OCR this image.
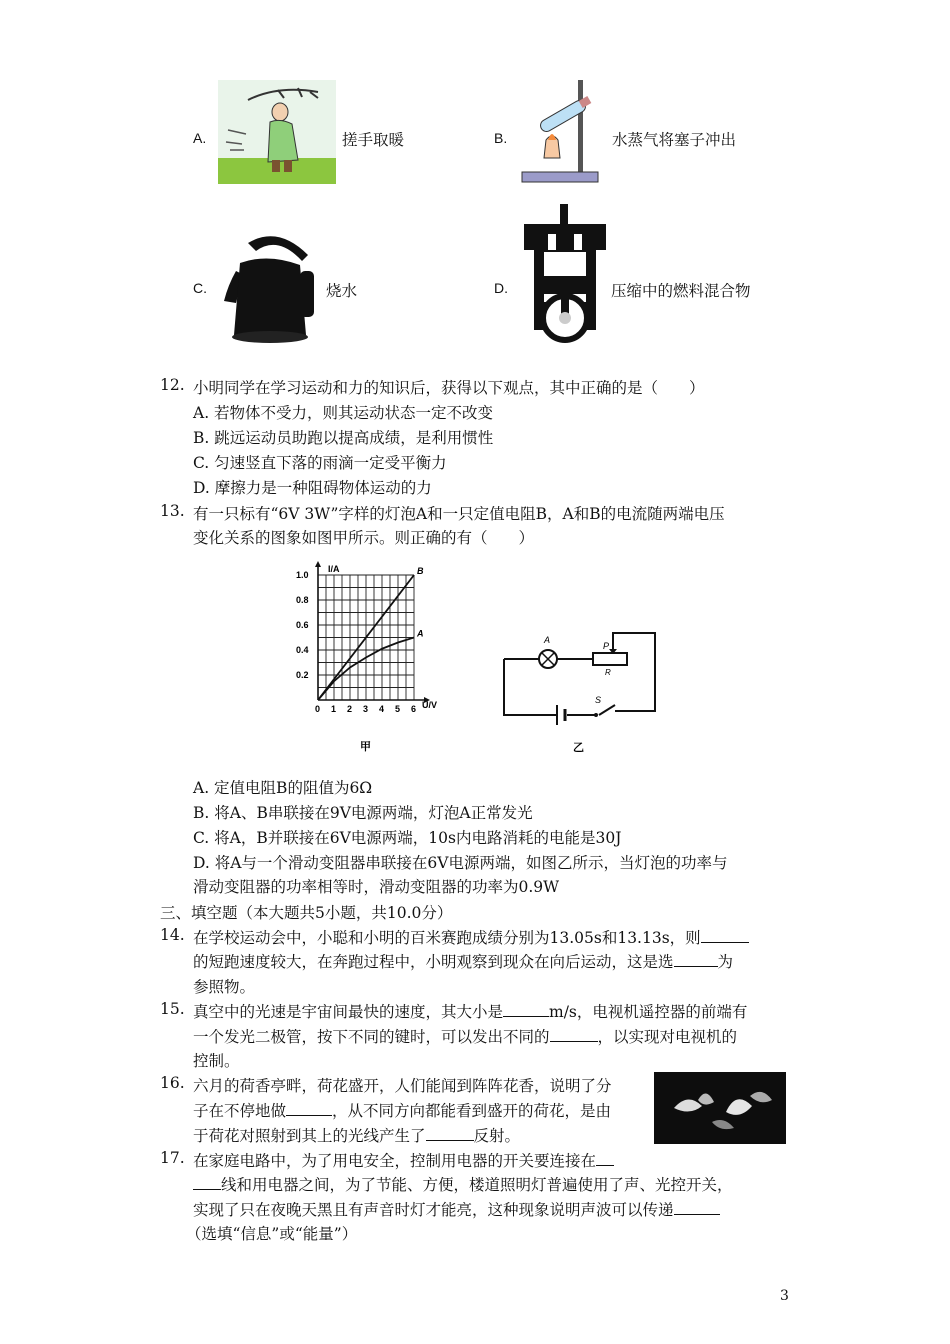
A.	搓手取暖	B.	水蒸气将塞子冲出
C.	烧水	D.	压缩中的燃料混合物
12. 小明同学在学习运动和力的知识后，获得以下观点，其中正确的是（　　）
A. 若物体不受力，则其运动状态一定不改变
B. 跳远运动员助跑以提高成绩，是利用惯性
C. 匀速竖直下落的雨滴一定受平衡力
D. 摩擦力是一种阻碍物体运动的力
13. 有一只标有“6V 3W”字样的灯泡A和一只定值电阻B，A和B的电流随两端电压
变化关系的图象如图甲所示。则正确的有（　　）
0 1 2 3 4 5 6
0.2
0.4
0.6
0.8
1.0	B
A
I/A
U/V
甲
A
P
R
S
乙
A. 定值电阻B的阻值为6Ω
B. 将A、B串联接在9V电源两端，灯泡A正常发光
C. 将A，B并联接在6V电源两端，10s内电路消耗的电能是30J
D. 将A与一个滑动变阻器串联接在6V电源两端，如图乙所示，当灯泡的功率与
滑动变阻器的功率相等时，滑动变阻器的功率为0.9W
三、填空题（本大题共5小题，共10.0分）
14. 在学校运动会中，小聪和小明的百米赛跑成绩分别为13.05s和13.13s，则
的短跑速度较大，在奔跑过程中，小明观察到现众在向后运动，这是选	为
参照物。
15. 真空中的光速是宇宙间最快的速度，其大小是	m/s，电视机遥控器的前端有
一个发光二极管，按下不同的键时，可以发出不同的	，以实现对电视机的
控制。
16. 六月的荷香亭畔，荷花盛开，人们能闻到阵阵花香，说明了分
子在不停地做	，从不同方向都能看到盛开的荷花，是由
于荷花对照射到其上的光线产生了	反射。
17. 在家庭电路中，为了用电安全，控制用电器的开关要连接在
线和用电器之间，为了节能、方便，楼道照明灯普遍使用了声、光控开关，
实现了只在夜晚天黑且有声音时灯才能亮，这种现象说明声波可以传递
（选填“信息”或“能量”）
3
